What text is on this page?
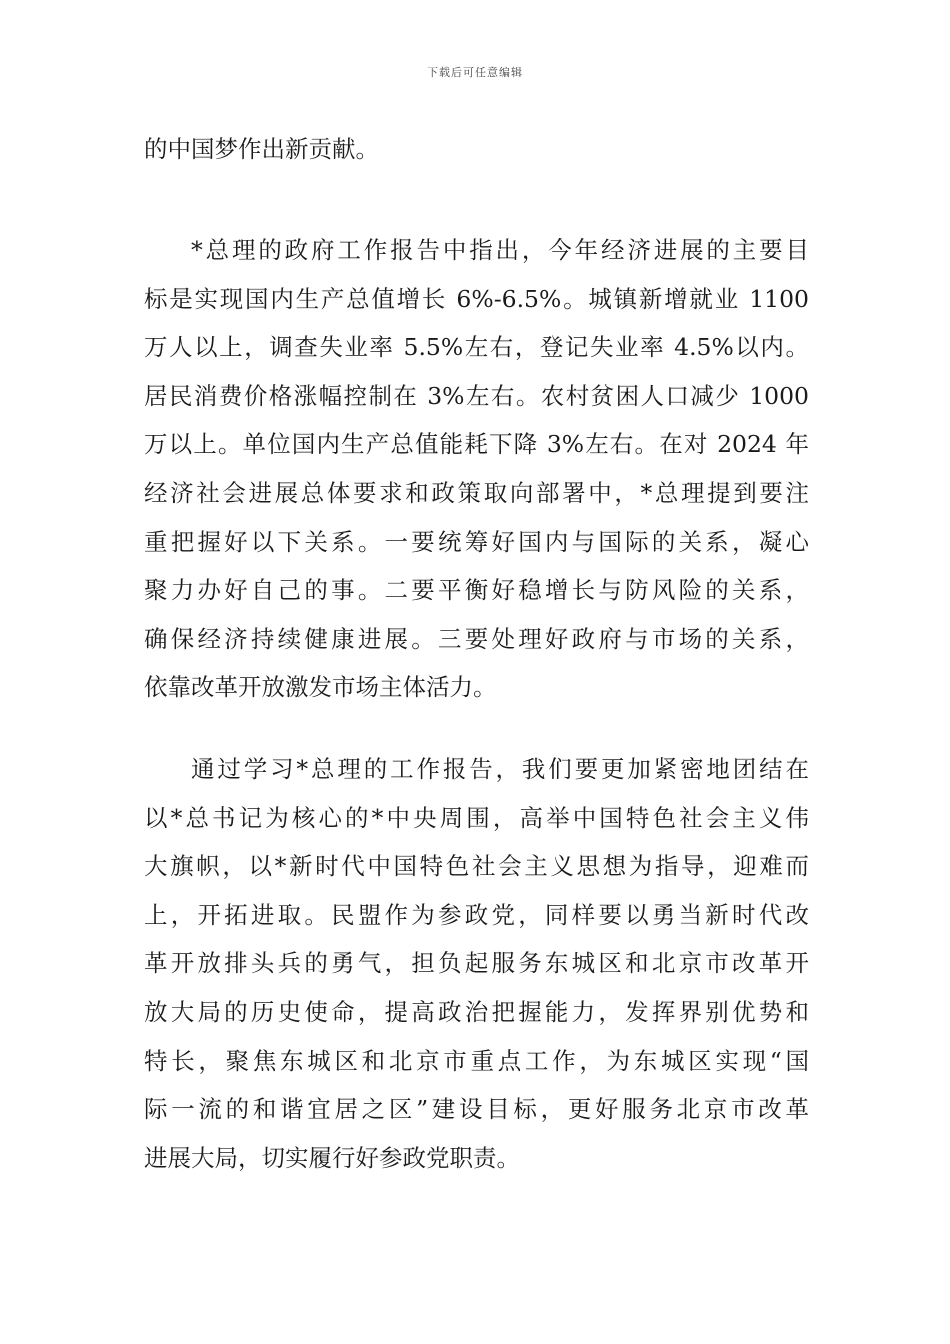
下载后可任意编辑
的中国梦作出新贡献。
*总理的政府工作报告中指出，今年经济进展的主要目
标是实现国内生产总值增长 6%-6.5%。城镇新增就业 1100
万人以上，调查失业率 5.5%左右，登记失业率 4.5%以内。
居民消费价格涨幅控制在 3%左右。农村贫困人口减少 1000
万以上。单位国内生产总值能耗下降 3%左右。在对 2024 年
经济社会进展总体要求和政策取向部署中，*总理提到要注
重把握好以下关系。一要统筹好国内与国际的关系，凝心
聚力办好自己的事。二要平衡好稳增长与防风险的关系，
确保经济持续健康进展。三要处理好政府与市场的关系，
依靠改革开放激发市场主体活力。
通过学习*总理的工作报告，我们要更加紧密地团结在
以*总书记为核心的*中央周围，高举中国特色社会主义伟
大旗帜，以*新时代中国特色社会主义思想为指导，迎难而
上，开拓进取。民盟作为参政党，同样要以勇当新时代改
革开放排头兵的勇气，担负起服务东城区和北京市改革开
放大局的历史使命，提高政治把握能力，发挥界别优势和
特长，聚焦东城区和北京市重点工作，为东城区实现“国
际一流的和谐宜居之区”建设目标，更好服务北京市改革
进展大局，切实履行好参政党职责。
